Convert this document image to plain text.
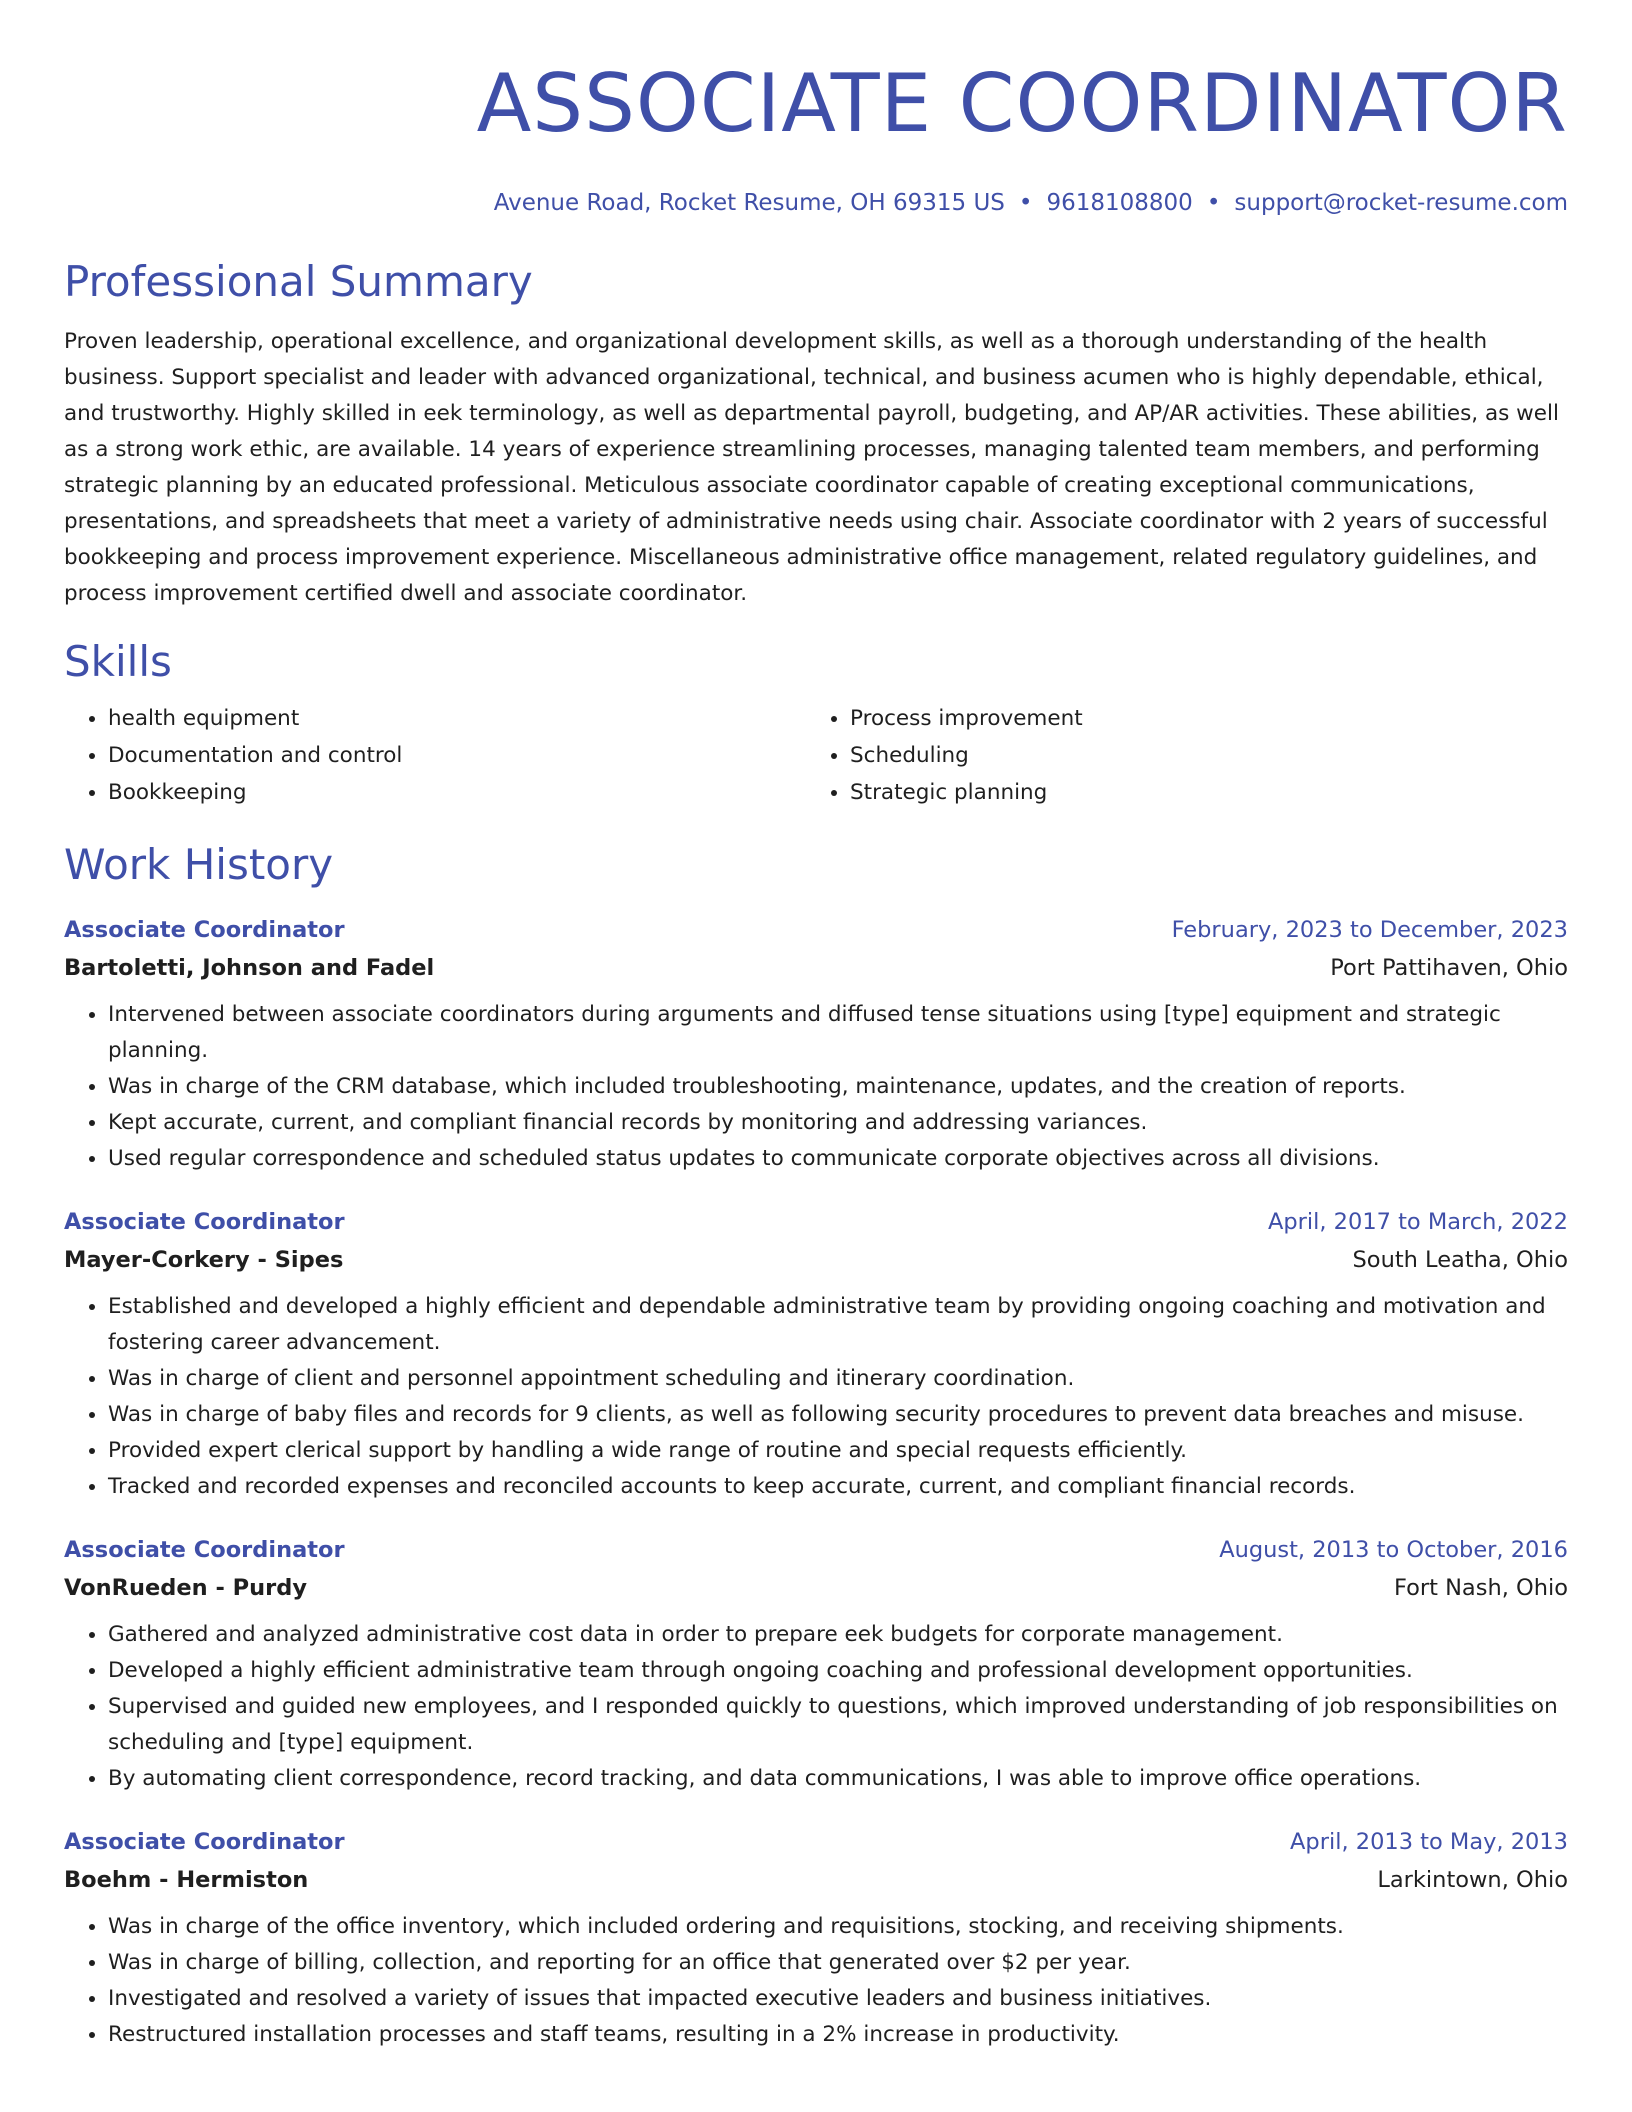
ASSOCIATE COORDINATOR
Avenue Road, Rocket Resume, OH 69315 US • 9618108800 • support@rocket-resume.com
Professional Summary
Proven leadership, operational excellence, and organizational development skills, as well as a thorough understanding of the health business. Support specialist and leader with advanced organizational, technical, and business acumen who is highly dependable, ethical, and trustworthy. Highly skilled in eek terminology, as well as departmental payroll, budgeting, and AP/AR activities. These abilities, as well as a strong work ethic, are available. 14 years of experience streamlining processes, managing talented team members, and performing strategic planning by an educated professional. Meticulous associate coordinator capable of creating exceptional communications, presentations, and spreadsheets that meet a variety of administrative needs using chair. Associate coordinator with 2 years of successful bookkeeping and process improvement experience. Miscellaneous administrative office management, related regulatory guidelines, and process improvement certified dwell and associate coordinator.
Skills
• health equipment
• Documentation and control
• Bookkeeping
• Process improvement
• Scheduling
• Strategic planning
Work History
Associate Coordinator	February, 2023 to December, 2023
Bartoletti, Johnson and Fadel	Port Pattihaven, Ohio
• Intervened between associate coordinators during arguments and diffused tense situations using [type] equipment and strategic planning.
• Was in charge of the CRM database, which included troubleshooting, maintenance, updates, and the creation of reports.
• Kept accurate, current, and compliant financial records by monitoring and addressing variances.
• Used regular correspondence and scheduled status updates to communicate corporate objectives across all divisions.
Associate Coordinator	April, 2017 to March, 2022
Mayer-Corkery - Sipes	South Leatha, Ohio
• Established and developed a highly efficient and dependable administrative team by providing ongoing coaching and motivation and fostering career advancement.
• Was in charge of client and personnel appointment scheduling and itinerary coordination.
• Was in charge of baby files and records for 9 clients, as well as following security procedures to prevent data breaches and misuse.
• Provided expert clerical support by handling a wide range of routine and special requests efficiently.
• Tracked and recorded expenses and reconciled accounts to keep accurate, current, and compliant financial records.
Associate Coordinator	August, 2013 to October, 2016
VonRueden - Purdy	Fort Nash, Ohio
• Gathered and analyzed administrative cost data in order to prepare eek budgets for corporate management.
• Developed a highly efficient administrative team through ongoing coaching and professional development opportunities.
• Supervised and guided new employees, and I responded quickly to questions, which improved understanding of job responsibilities on scheduling and [type] equipment.
• By automating client correspondence, record tracking, and data communications, I was able to improve office operations.
Associate Coordinator	April, 2013 to May, 2013
Boehm - Hermiston	Larkintown, Ohio
• Was in charge of the office inventory, which included ordering and requisitions, stocking, and receiving shipments.
• Was in charge of billing, collection, and reporting for an office that generated over $2 per year.
• Investigated and resolved a variety of issues that impacted executive leaders and business initiatives.
• Restructured installation processes and staff teams, resulting in a 2% increase in productivity.
